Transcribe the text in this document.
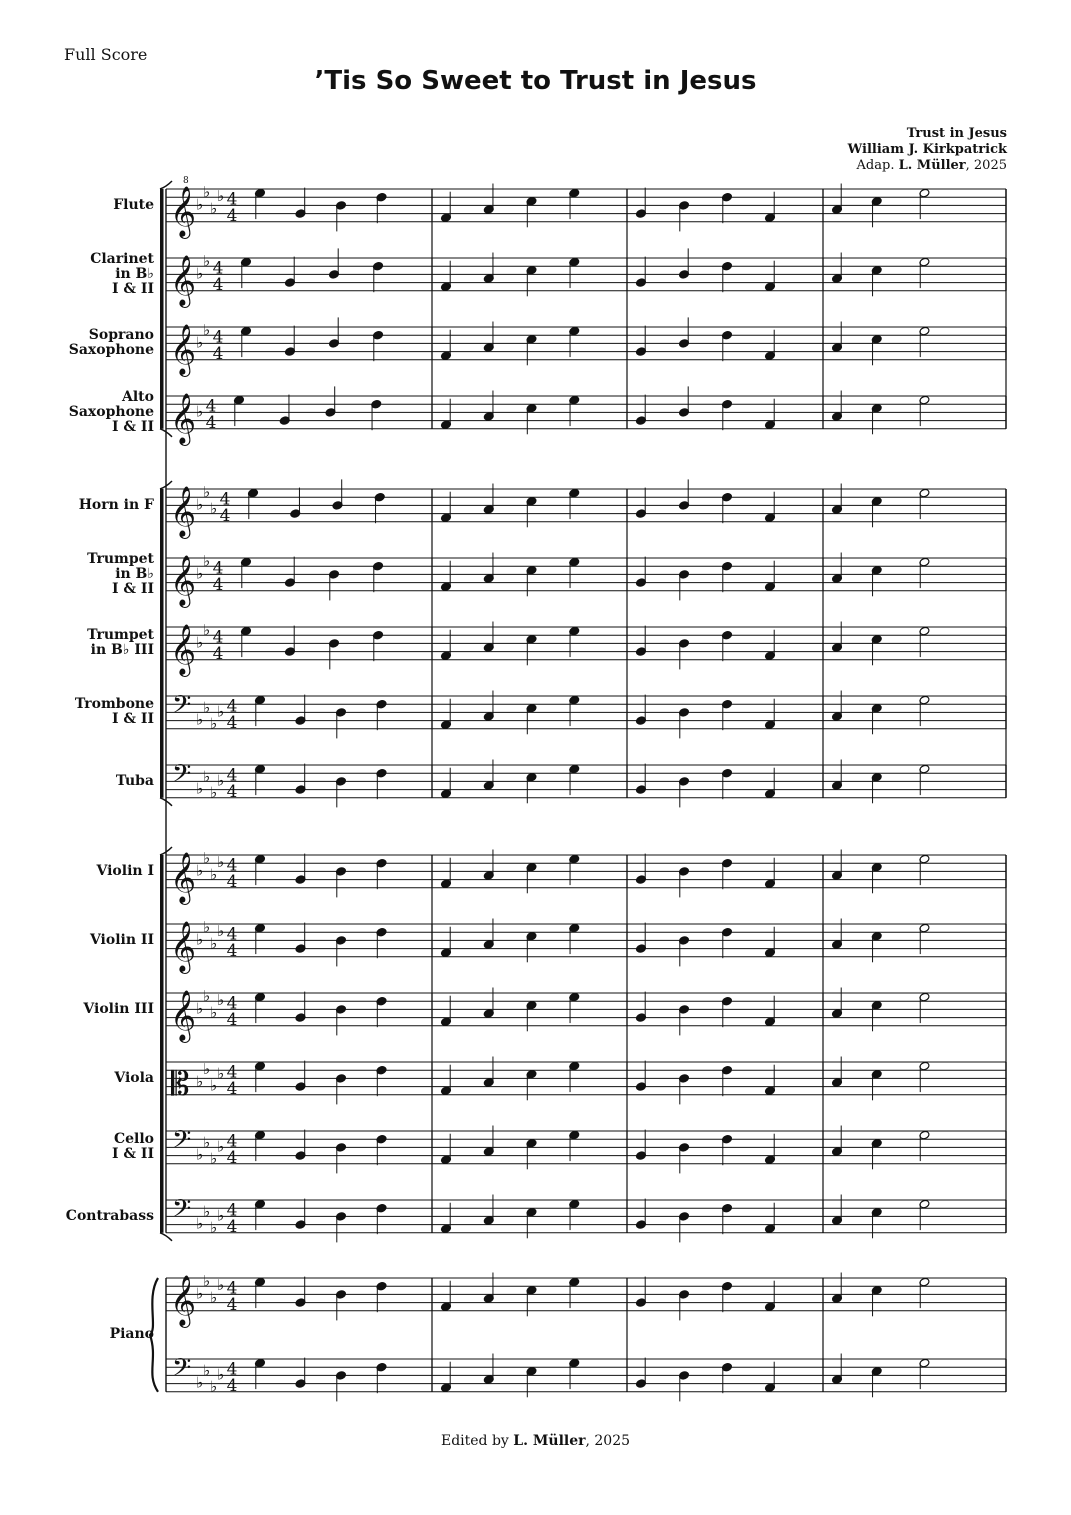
Full Score
’Tis So Sweet to Trust in Jesus
Trust in Jesus
William J. Kirkpatrick
Adap. L. Müller, 2025
Flute
Clarinet
in B♭
I & II
Soprano
Saxophone
Alto
Saxophone
I & II
Horn in F
Trumpet
in B♭
I & II
Trumpet
in B♭ III
Trombone
I & II
Tuba
Violin I
Violin II
Violin III
Viola
Cello
I & II
Contrabass
Piano
𝄞
8
♭
♭
♭
♭ 4
4
𝄞 ♭
♭ 4
4
𝄞 ♭
♭ 4
4
𝄞 ♭ 4
4
𝄞 ♭
♭
♭ 4
4
𝄞 ♭
♭ 4
4
𝄞 ♭
♭ 4
4
𝄢 ♭
♭
♭
♭ 4
4
𝄢 ♭
♭
♭
♭ 4
4
𝄞 ♭
♭
♭
♭ 4
4
𝄞 ♭
♭
♭
♭ 4
4
𝄞 ♭
♭
♭
♭ 4
4
𝄡 ♭
♭
♭
♭ 4
4
𝄢 ♭
♭
♭
♭ 4
4
𝄢 ♭
♭
♭
♭ 4
4
𝄞 ♭
♭
♭
♭ 4
4
𝄢 ♭
♭
♭
♭ 4
4
Edited by L. Müller, 2025
